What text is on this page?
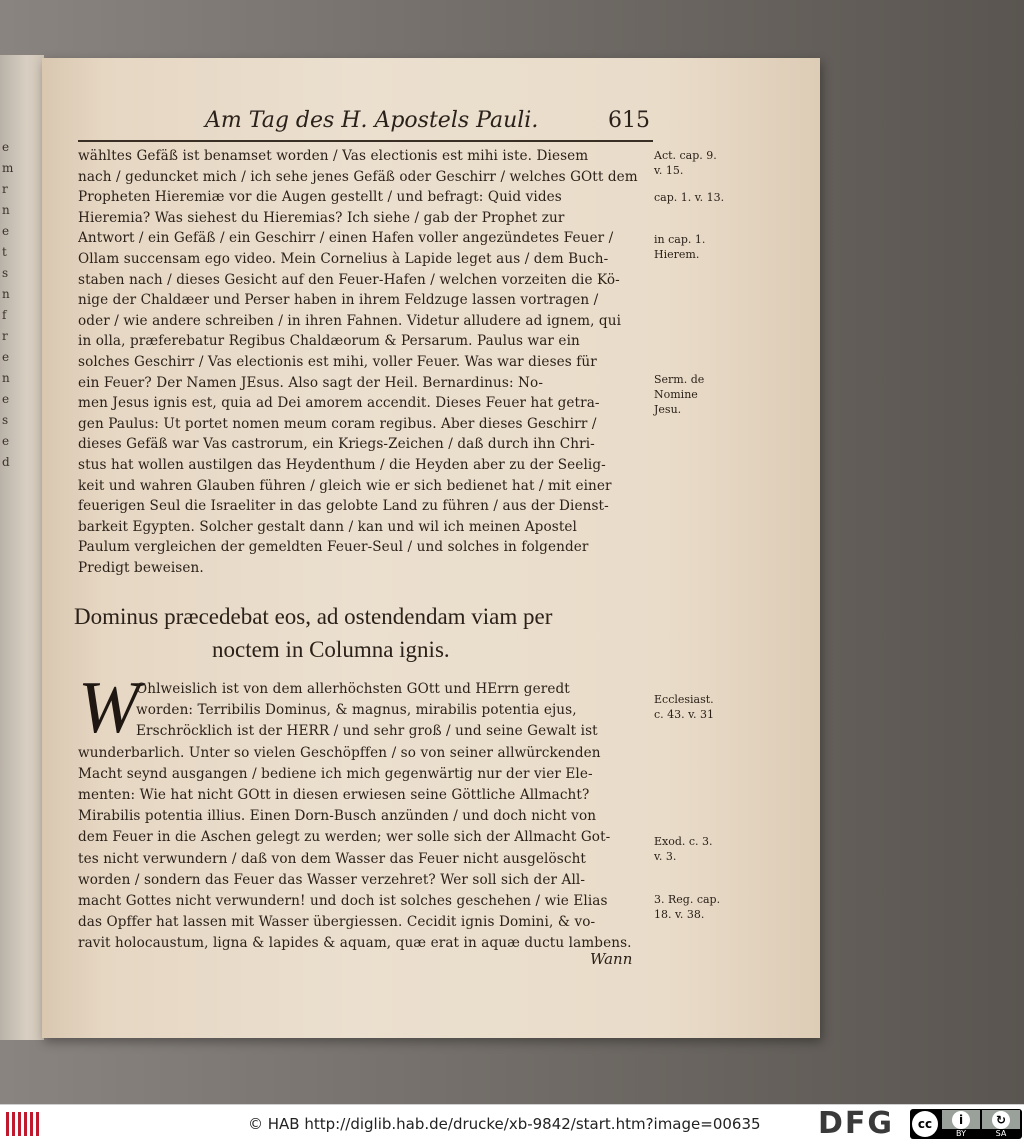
e
m
r
n
e
t
s
n
f
r
e
n
e
s
e
d
Am Tag des H. Apostels Pauli.	615
wähltes Gefäß ist benamset worden / Vas electionis est mihi iste. Diesem
nach / geduncket mich / ich sehe jenes Gefäß oder Geschirr / welches GOtt dem
Propheten Hieremiæ vor die Augen gestellt / und befragt: Quid vides
Hieremia? Was siehest du Hieremias? Ich siehe / gab der Prophet zur
Antwort / ein Gefäß / ein Geschirr / einen Hafen voller angezündetes Feuer /
Ollam succensam ego video. Mein Cornelius à Lapide leget aus / dem Buch-
staben nach / dieses Gesicht auf den Feuer-Hafen / welchen vorzeiten die Kö-
nige der Chaldæer und Perser haben in ihrem Feldzuge lassen vortragen /
oder / wie andere schreiben / in ihren Fahnen. Videtur alludere ad ignem, qui
in olla, præferebatur Regibus Chaldæorum & Persarum. Paulus war ein
solches Geschirr / Vas electionis est mihi, voller Feuer. Was war dieses für
ein Feuer? Der Namen JEsus. Also sagt der Heil. Bernardinus: No-
men Jesus ignis est, quia ad Dei amorem accendit. Dieses Feuer hat getra-
gen Paulus: Ut portet nomen meum coram regibus. Aber dieses Geschirr /
dieses Gefäß war Vas castrorum, ein Kriegs-Zeichen / daß durch ihn Chri-
stus hat wollen austilgen das Heydenthum / die Heyden aber zu der Seelig-
keit und wahren Glauben führen / gleich wie er sich bedienet hat / mit einer
feuerigen Seul die Israeliter in das gelobte Land zu führen / aus der Dienst-
barkeit Egypten. Solcher gestalt dann / kan und wil ich meinen Apostel
Paulum vergleichen der gemeldten Feuer-Seul / und solches in folgender
Predigt beweisen.
Dominus præcedebat eos, ad ostendendam viam per
noctem in Columna ignis.
W
Ohlweislich ist von dem allerhöchsten GOtt und HErrn geredt
worden: Terribilis Dominus, & magnus, mirabilis potentia ejus,
Erschröcklich ist der HERR / und sehr groß / und seine Gewalt ist
wunderbarlich. Unter so vielen Geschöpffen / so von seiner allwürckenden
Macht seynd ausgangen / bediene ich mich gegenwärtig nur der vier Ele-
menten: Wie hat nicht GOtt in diesen erwiesen seine Göttliche Allmacht?
Mirabilis potentia illius. Einen Dorn-Busch anzünden / und doch nicht von
dem Feuer in die Aschen gelegt zu werden; wer solle sich der Allmacht Got-
tes nicht verwundern / daß von dem Wasser das Feuer nicht ausgelöscht
worden / sondern das Feuer das Wasser verzehret? Wer soll sich der All-
macht Gottes nicht verwundern! und doch ist solches geschehen / wie Elias
das Opffer hat lassen mit Wasser übergiessen. Cecidit ignis Domini, & vo-
ravit holocaustum, ligna & lapides & aquam, quæ erat in aquæ ductu lambens.
Act. cap. 9.
v. 15.
cap. 1. v. 13.
in cap. 1.
Hierem.
Serm. de
Nomine
Jesu.
Ecclesiast.
c. 43. v. 31
Exod. c. 3.
v. 3.
3. Reg. cap.
18. v. 38.
Wann
© HAB http://diglib.hab.de/drucke/xb-9842/start.htm?image=00635 DFG	cc	i
BY
↻
SA
